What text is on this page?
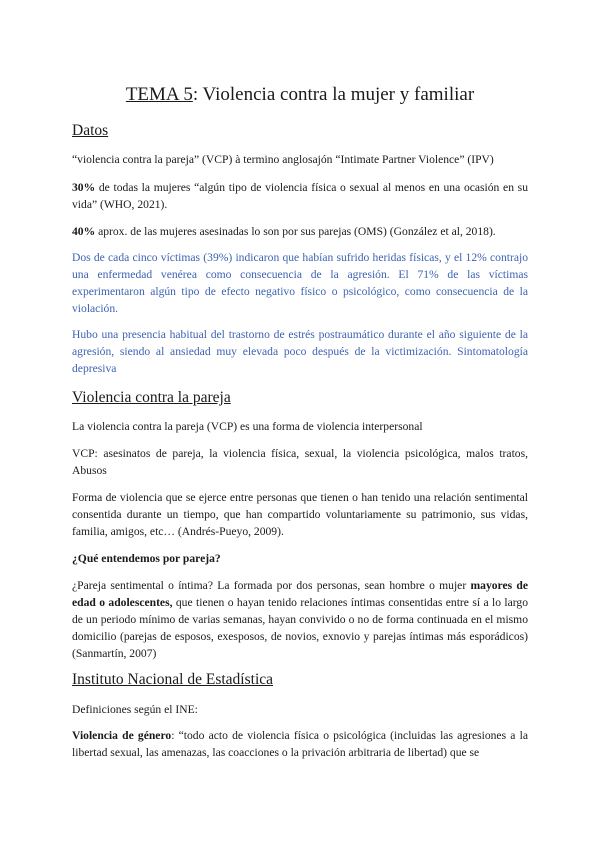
TEMA 5: Violencia contra la mujer y familiar
Datos

“violencia contra la pareja” (VCP) à termino anglosajón “Intimate Partner Violence” (IPV)

30% de todas la mujeres “algún tipo de violencia física o sexual al menos en una ocasión en su vida” (WHO, 2021).

40% aprox. de las mujeres asesinadas lo son por sus parejas (OMS) (González et al, 2018).

Dos de cada cinco víctimas (39%) indicaron que habían sufrido heridas físicas, y el 12% contrajo una enfermedad venérea como consecuencia de la agresión. El 71% de las víctimas experimentaron algún tipo de efecto negativo físico o psicológico, como consecuencia de la violación.

Hubo una presencia habitual del trastorno de estrés postraumático durante el año siguiente de la agresión, siendo al ansiedad muy elevada poco después de la victimización. Sintomatología depresiva

Violencia contra la pareja

La violencia contra la pareja (VCP) es una forma de violencia interpersonal

VCP: asesinatos de pareja, la violencia física, sexual, la violencia psicológica, malos tratos, Abusos

Forma de violencia que se ejerce entre personas que tienen o han tenido una relación sentimental consentida durante un tiempo, que han compartido voluntariamente su patrimonio, sus vidas, familia, amigos, etc… (Andrés-Pueyo, 2009).

¿Qué entendemos por pareja?

¿Pareja sentimental o íntima? La formada por dos personas, sean hombre o mujer mayores de edad o adolescentes, que tienen o hayan tenido relaciones íntimas consentidas entre sí a lo largo de un periodo mínimo de varias semanas, hayan convivido o no de forma continuada en el mismo domicilio (parejas de esposos, exesposos, de novios, exnovio y parejas íntimas más esporádicos) (Sanmartín, 2007)

Instituto Nacional de Estadística

Definiciones según el INE:

Violencia de género: “todo acto de violencia física o psicológica (incluidas las agresiones a la libertad sexual, las amenazas, las coacciones o la privación arbitraria de libertad) que se
